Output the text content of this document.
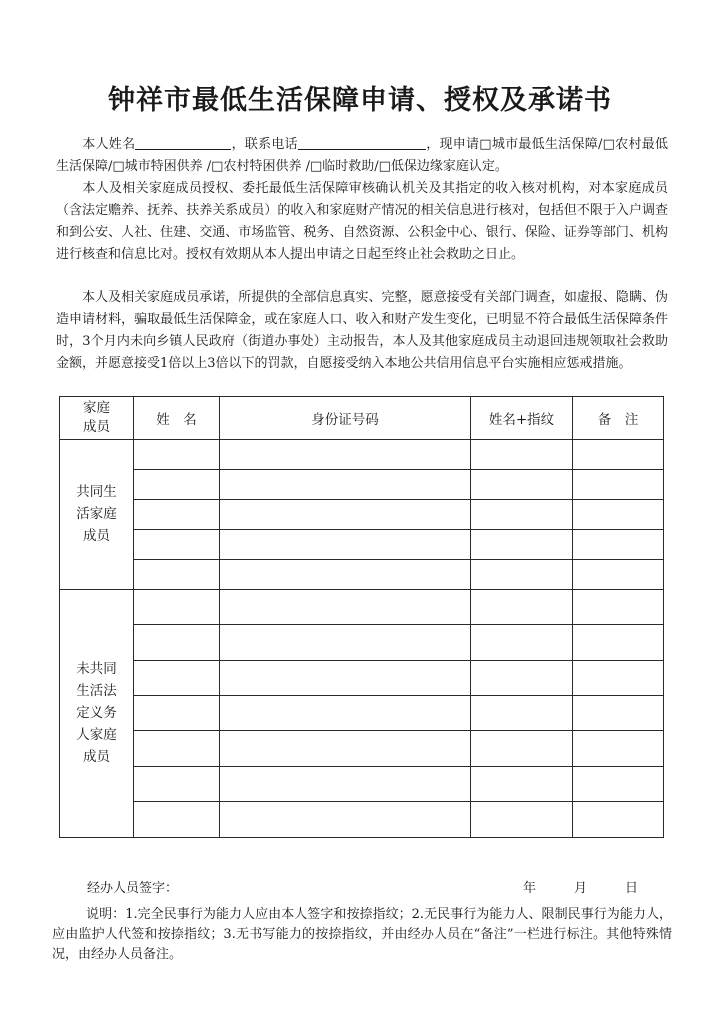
钟祥市最低生活保障申请、授权及承诺书
本人姓名	，联系电话	，现申请□城市最低生活保障/□农村最低生活保障/□城市特困供养 /□农村特困供养 /□临时救助/□低保边缘家庭认定。
本人及相关家庭成员授权、委托最低生活保障审核确认机关及其指定的收入核对机构，对本家庭成员（含法定赡养、抚养、扶养关系成员）的收入和家庭财产情况的相关信息进行核对，包括但不限于入户调查和到公安、人社、住建、交通、市场监管、税务、自然资源、公积金中心、银行、保险、证券等部门、机构进行核查和信息比对。授权有效期从本人提出申请之日起至终止社会救助之日止。
本人及相关家庭成员承诺，所提供的全部信息真实、完整，愿意接受有关部门调查，如虚报、隐瞒、伪造申请材料，骗取最低生活保障金，或在家庭人口、收入和财产发生变化，已明显不符合最低生活保障条件时，3个月内未向乡镇人民政府（街道办事处）主动报告，本人及其他家庭成员主动退回违规领取社会救助金额，并愿意接受1倍以上3倍以下的罚款，自愿接受纳入本地公共信用信息平台实施相应惩戒措施。
家庭
成员	姓　名	身份证号码	姓名+指纹	备　注
共同生
活家庭
成员				

未共同
生活法
定义务
人家庭
成员				

经办人员签字：	年	月	日
说明：1.完全民事行为能力人应由本人签字和按捺指纹；2.无民事行为能力人、限制民事行为能力人，应由监护人代签和按捺指纹；3.无书写能力的按捺指纹，并由经办人员在“备注”一栏进行标注。其他特殊情况，由经办人员备注。
